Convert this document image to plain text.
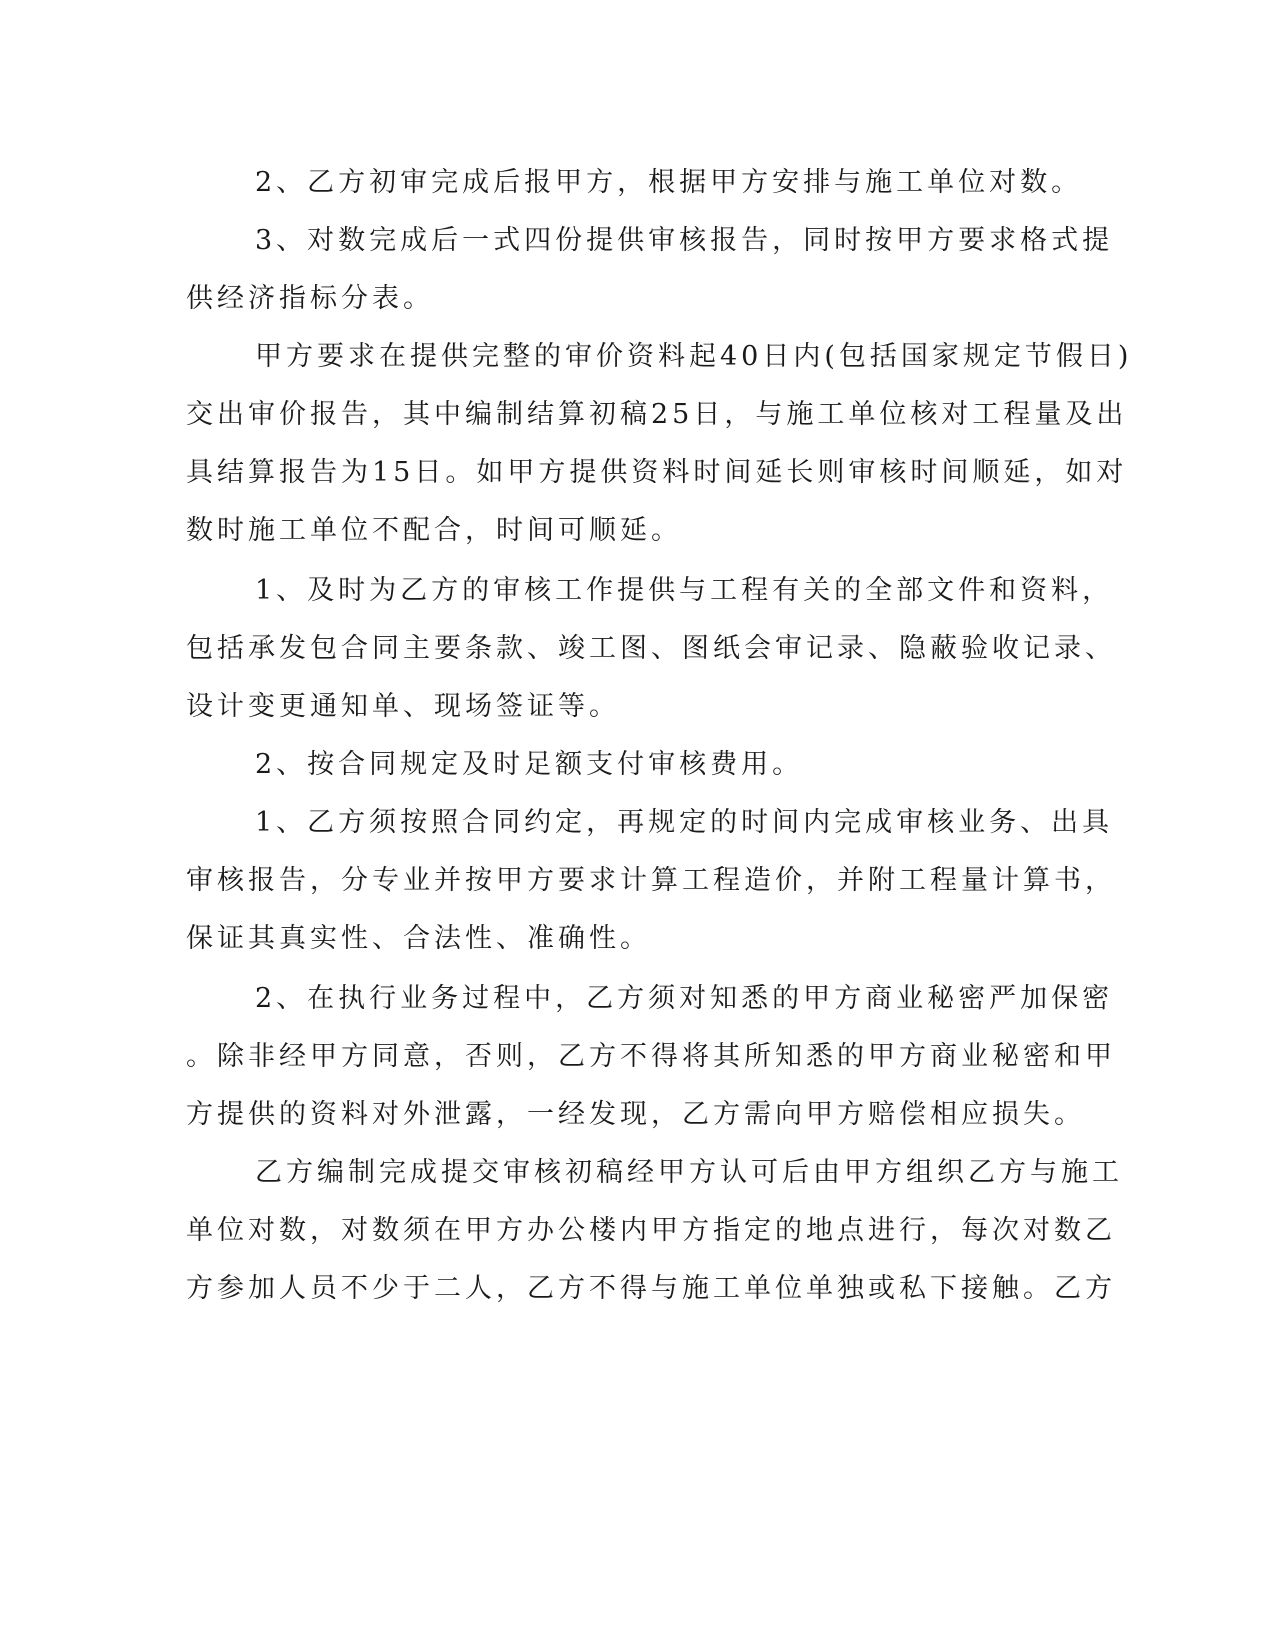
2、乙方初审完成后报甲方，根据甲方安排与施工单位对数。
3、对数完成后一式四份提供审核报告，同时按甲方要求格式提
供经济指标分表。
甲方要求在提供完整的审价资料起40日内(包括国家规定节假日)
交出审价报告，其中编制结算初稿25日，与施工单位核对工程量及出
具结算报告为15日。如甲方提供资料时间延长则审核时间顺延，如对
数时施工单位不配合，时间可顺延。
1、及时为乙方的审核工作提供与工程有关的全部文件和资料，
包括承发包合同主要条款、竣工图、图纸会审记录、隐蔽验收记录、
设计变更通知单、现场签证等。
2、按合同规定及时足额支付审核费用。
1、乙方须按照合同约定，再规定的时间内完成审核业务、出具
审核报告，分专业并按甲方要求计算工程造价，并附工程量计算书，
保证其真实性、合法性、准确性。
2、在执行业务过程中，乙方须对知悉的甲方商业秘密严加保密
。除非经甲方同意，否则，乙方不得将其所知悉的甲方商业秘密和甲
方提供的资料对外泄露，一经发现，乙方需向甲方赔偿相应损失。
乙方编制完成提交审核初稿经甲方认可后由甲方组织乙方与施工
单位对数，对数须在甲方办公楼内甲方指定的地点进行，每次对数乙
方参加人员不少于二人，乙方不得与施工单位单独或私下接触。乙方
